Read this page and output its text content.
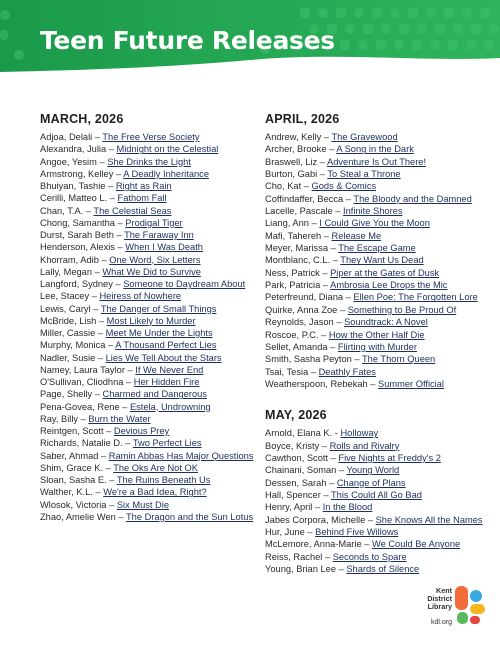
Teen Future Releases
MARCH, 2026
Adjoa, Delali – The Free Verse Society
Alexandra, Julia – Midnight on the Celestial
Angoe, Yesim – She Drinks the Light
Armstrong, Kelley – A Deadly Inheritance
Bhuiyan, Tashie – Right as Rain
Cerilli, Matteo L. – Fathom Fall
Chan, T.A. – The Celestial Seas
Chong, Samantha – Prodigal Tiger
Durst, Sarah Beth – The Faraway Inn
Henderson, Alexis – When I Was Death
Khorram, Adib – One Word, Six Letters
Lally, Megan – What We Did to Survive
Langford, Sydney – Someone to Daydream About
Lee, Stacey – Heiress of Nowhere
Lewis, Caryl – The Danger of Small Things
McBride, Lish – Most Likely to Murder
Miller, Cassie – Meet Me Under the Lights
Murphy, Monica – A Thousand Perfect Lies
Nadler, Susie – Lies We Tell About the Stars
Namey, Laura Taylor – If We Never End
O'Sullivan, Cliodhna – Her Hidden Fire
Page, Shelly – Charmed and Dangerous
Pena-Govea, Rene – Estela, Undrowning
Ray, Billy – Burn the Water
Reintgen, Scott – Devious Prey
Richards, Natalie D. – Two Perfect Lies
Saber, Ahmad – Ramin Abbas Has Major Questions
Shim, Grace K. – The Oks Are Not OK
Sloan, Sasha E. – The Ruins Beneath Us
Walther, K.L. – We're a Bad Idea, Right?
Wlosok, Victoria – Six Must Die
Zhao, Amelie Wen – The Dragon and the Sun Lotus
APRIL, 2026
Andrew, Kelly – The Gravewood
Archer, Brooke – A Song in the Dark
Braswell, Liz – Adventure Is Out There!
Burton, Gabi – To Steal a Throne
Cho, Kat – Gods & Comics
Coffindaffer, Becca – The Bloody and the Damned
Lacelle, Pascale – Infinite Shores
Liang, Ann – I Could Give You the Moon
Mafi, Tahereh – Release Me
Meyer, Marissa – The Escape Game
Montblanc, C.L. – They Want Us Dead
Ness, Patrick – Piper at the Gates of Dusk
Park, Patricia – Ambrosia Lee Drops the Mic
Peterfreund, Diana – Ellen Poe: The Forgotten Lore
Quirke, Anna Zoe – Something to Be Proud Of
Reynolds, Jason – Soundtrack: A Novel
Roscoe, P.C. – How the Other Half Die
Sellet, Amanda – Flirting with Murder
Smith, Sasha Peyton – The Thorn Queen
Tsai, Tesia – Deathly Fates
Weatherspoon, Rebekah – Summer Official
MAY, 2026
Arnold, Elana K. - Holloway
Boyce, Kristy – Rolls and Rivalry
Cawthon, Scott – Five Nights at Freddy's 2
Chainani, Soman – Young World
Dessen, Sarah – Change of Plans
Hall, Spencer – This Could All Go Bad
Henry, April – In the Blood
Jabes Corpora, Michelle – She Knows All the Names
Hur, June – Behind Five Willows
McLemore, Anna-Marie – We Could Be Anyone
Reiss, Rachel – Seconds to Spare
Young, Brian Lee – Shards of Silence
Kent
District
Library
kdl.org
